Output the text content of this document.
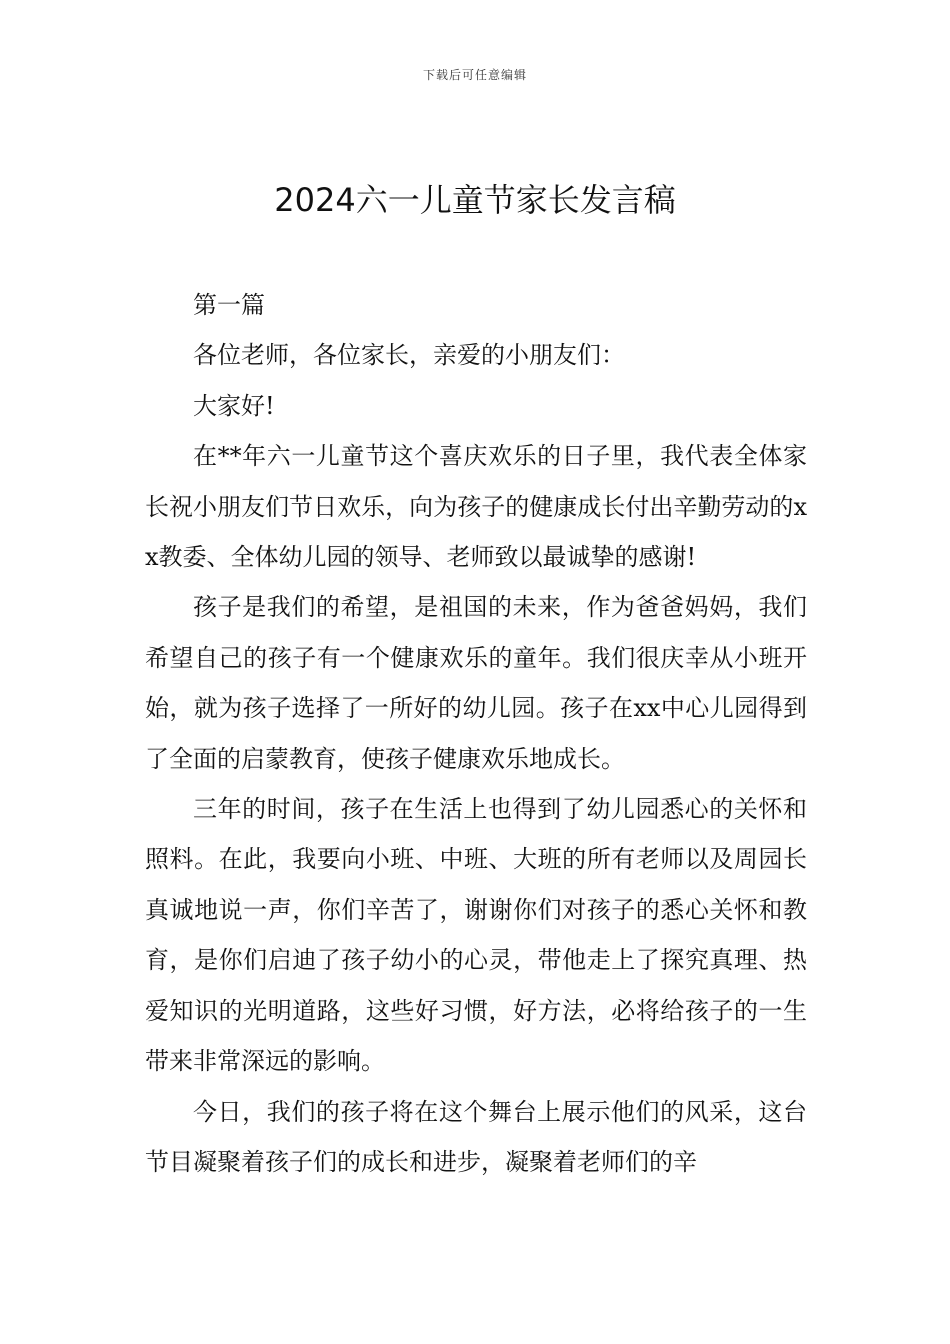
下载后可任意编辑
2024六一儿童节家长发言稿

第一篇

各位老师，各位家长，亲爱的小朋友们：

大家好!

在**年六一儿童节这个喜庆欢乐的日子里，我代表全体家长祝小朋友们节日欢乐，向为孩子的健康成长付出辛勤劳动的xx教委、全体幼儿园的领导、老师致以最诚挚的感谢!

孩子是我们的希望，是祖国的未来，作为爸爸妈妈，我们希望自己的孩子有一个健康欢乐的童年。我们很庆幸从小班开始，就为孩子选择了一所好的幼儿园。孩子在xx中心儿园得到了全面的启蒙教育，使孩子健康欢乐地成长。

三年的时间，孩子在生活上也得到了幼儿园悉心的关怀和照料。在此，我要向小班、中班、大班的所有老师以及周园长真诚地说一声，你们辛苦了，谢谢你们对孩子的悉心关怀和教育，是你们启迪了孩子幼小的心灵，带他走上了探究真理、热爱知识的光明道路，这些好习惯，好方法，必将给孩子的一生带来非常深远的影响。

今日，我们的孩子将在这个舞台上展示他们的风采，这台节目凝聚着孩子们的成长和进步，凝聚着老师们的辛
